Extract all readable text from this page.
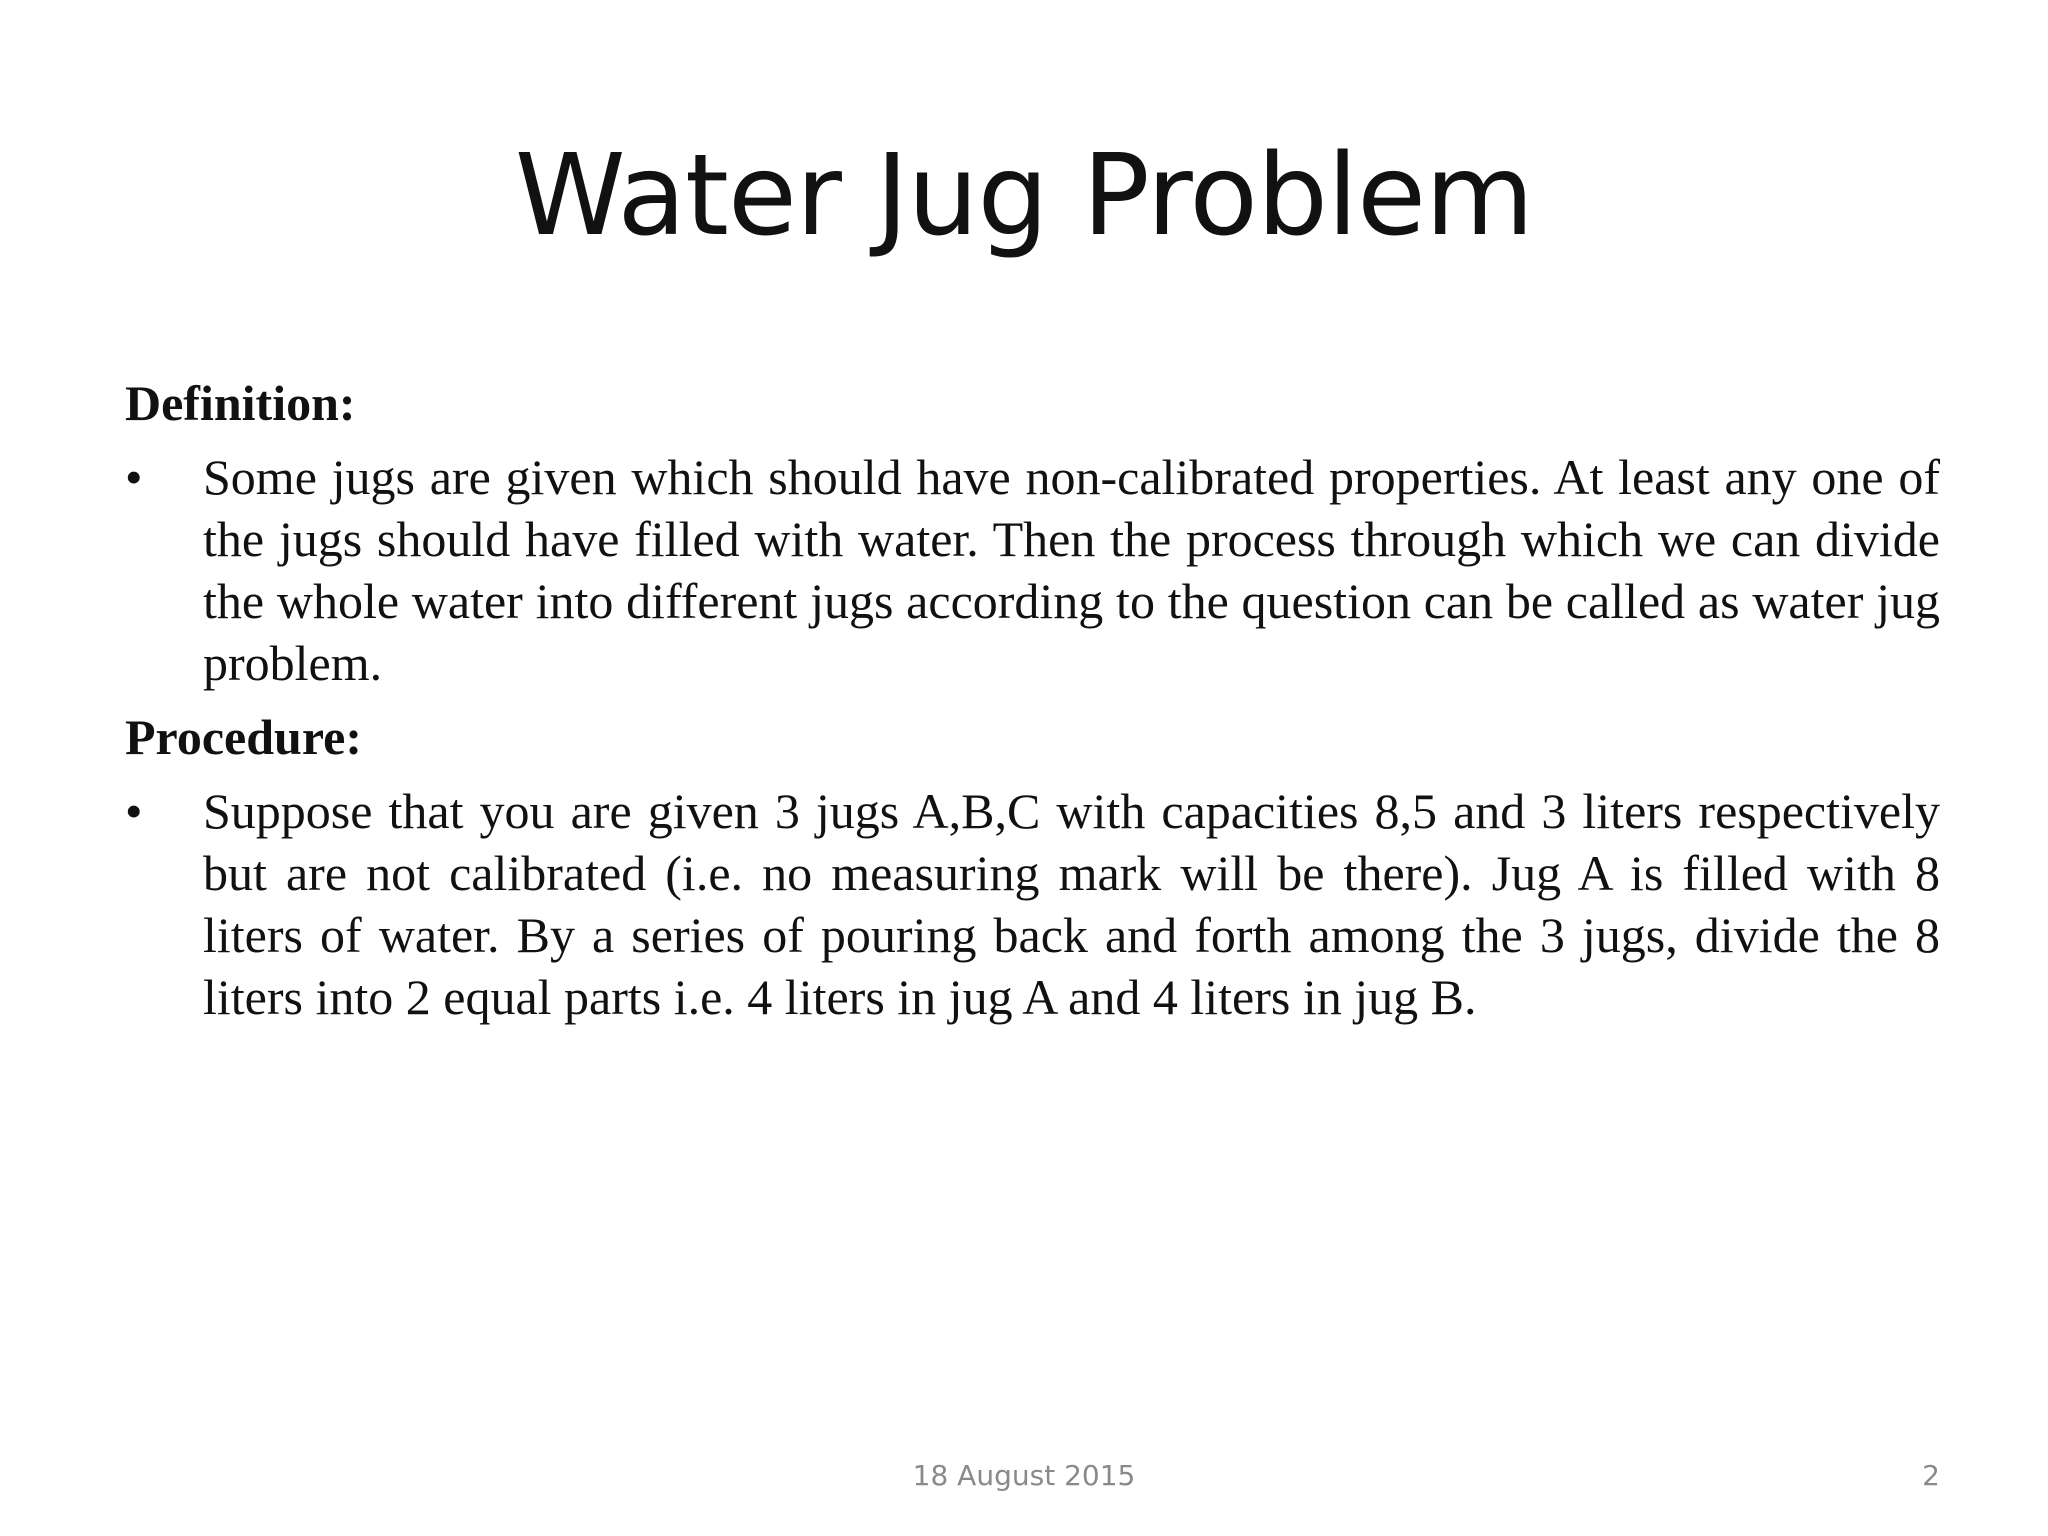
Water Jug Problem
Definition:
• Some jugs are given which should have non-calibrated properties. At least any one of the jugs should have filled with water. Then the process through which we can divide the whole water into different jugs according to the question can be called as water jug problem.
Procedure:
• Suppose that you are given 3 jugs A,B,C with capacities 8,5 and 3 liters respectively but are not calibrated (i.e. no measuring mark will be there). Jug A is filled with 8 liters of water. By a series of pouring back and forth among the 3 jugs, divide the 8 liters into 2 equal parts i.e. 4 liters in jug A and 4 liters in jug B.
18 August 2015	2
